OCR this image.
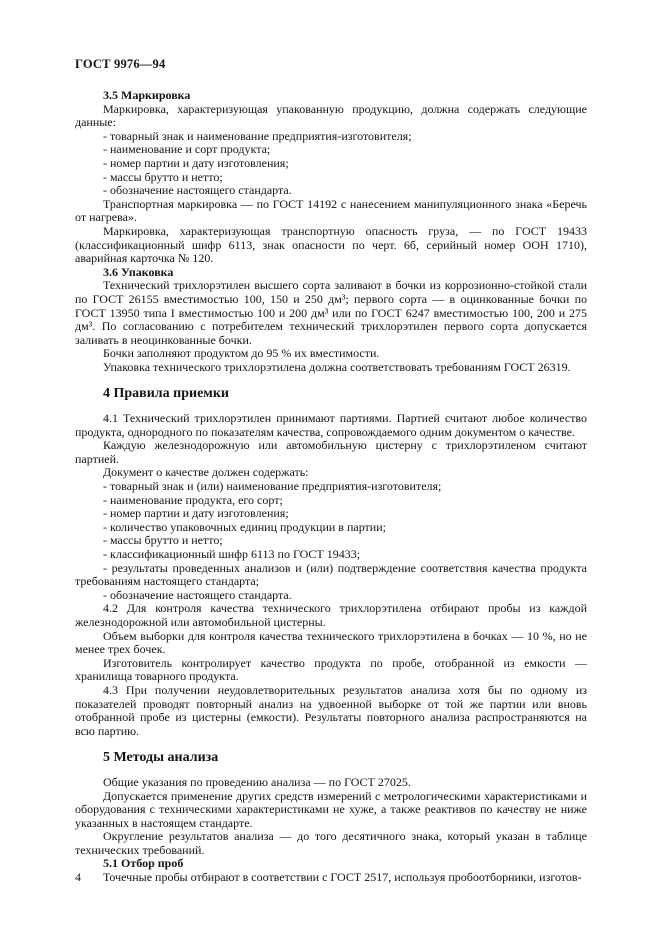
ГОСТ 9976—94

3.5 Маркировка

Маркировка, характеризующая упакованную продукцию, должна содержать следующие данные:

- товарный знак и наименование предприятия-изготовителя;

- наименование и сорт продукта;

- номер партии и дату изготовления;

- массы брутто и нетто;

- обозначение настоящего стандарта.

Транспортная маркировка — по ГОСТ 14192 с нанесением манипуляционного знака «Беречь от нагрева».

Маркировка, характеризующая транспортную опасность груза, — по ГОСТ 19433 (классификационный шифр 6113, знак опасности по черт. 6б, серийный номер ООН 1710), аварийная карточка № 120.

3.6 Упаковка

Технический трихлорэтилен высшего сорта заливают в бочки из коррозионно-стойкой стали по ГОСТ 26155 вместимостью 100, 150 и 250 дм³; первого сорта — в оцинкованные бочки по ГОСТ 13950 типа I вместимостью 100 и 200 дм³ или по ГОСТ 6247 вместимостью 100, 200 и 275 дм³. По согласованию с потребителем технический трихлорэтилен первого сорта допускается заливать в неоцинкованные бочки.

Бочки заполняют продуктом до 95 % их вместимости.

Упаковка технического трихлорэтилена должна соответствовать требованиям ГОСТ 26319.

4 Правила приемки

4.1 Технический трихлорэтилен принимают партиями. Партией считают любое количество продукта, однородного по показателям качества, сопровождаемого одним документом о качестве.

Каждую железнодорожную или автомобильную цистерну с трихлорэтиленом считают партией.

Документ о качестве должен содержать:

- товарный знак и (или) наименование предприятия-изготовителя;

- наименование продукта, его сорт;

- номер партии и дату изготовления;

- количество упаковочных единиц продукции в партии;

- массы брутто и нетто;

- классификационный шифр 6113 по ГОСТ 19433;

- результаты проведенных анализов и (или) подтверждение соответствия качества продукта требованиям настоящего стандарта;

- обозначение настоящего стандарта.

4.2 Для контроля качества технического трихлорэтилена отбирают пробы из каждой железнодорожной или автомобильной цистерны.

Объем выборки для контроля качества технического трихлорэтилена в бочках — 10 %, но не менее трех бочек.

Изготовитель контролирует качество продукта по пробе, отобранной из емкости — хранилища товарного продукта.

4.3 При получении неудовлетворительных результатов анализа хотя бы по одному из показателей проводят повторный анализ на удвоенной выборке от той же партии или вновь отобранной пробе из цистерны (емкости). Результаты повторного анализа распространяются на всю партию.

5 Методы анализа

Общие указания по проведению анализа — по ГОСТ 27025.

Допускается применение других средств измерений с метрологическими характеристиками и оборудования с техническими характеристиками не хуже, а также реактивов по качеству не ниже указанных в настоящем стандарте.

Округление результатов анализа — до того десятичного знака, который указан в таблице технических требований.

5.1 Отбор проб

Точечные пробы отбирают в соответствии с ГОСТ 2517, используя пробоотборники, изготов-

4
